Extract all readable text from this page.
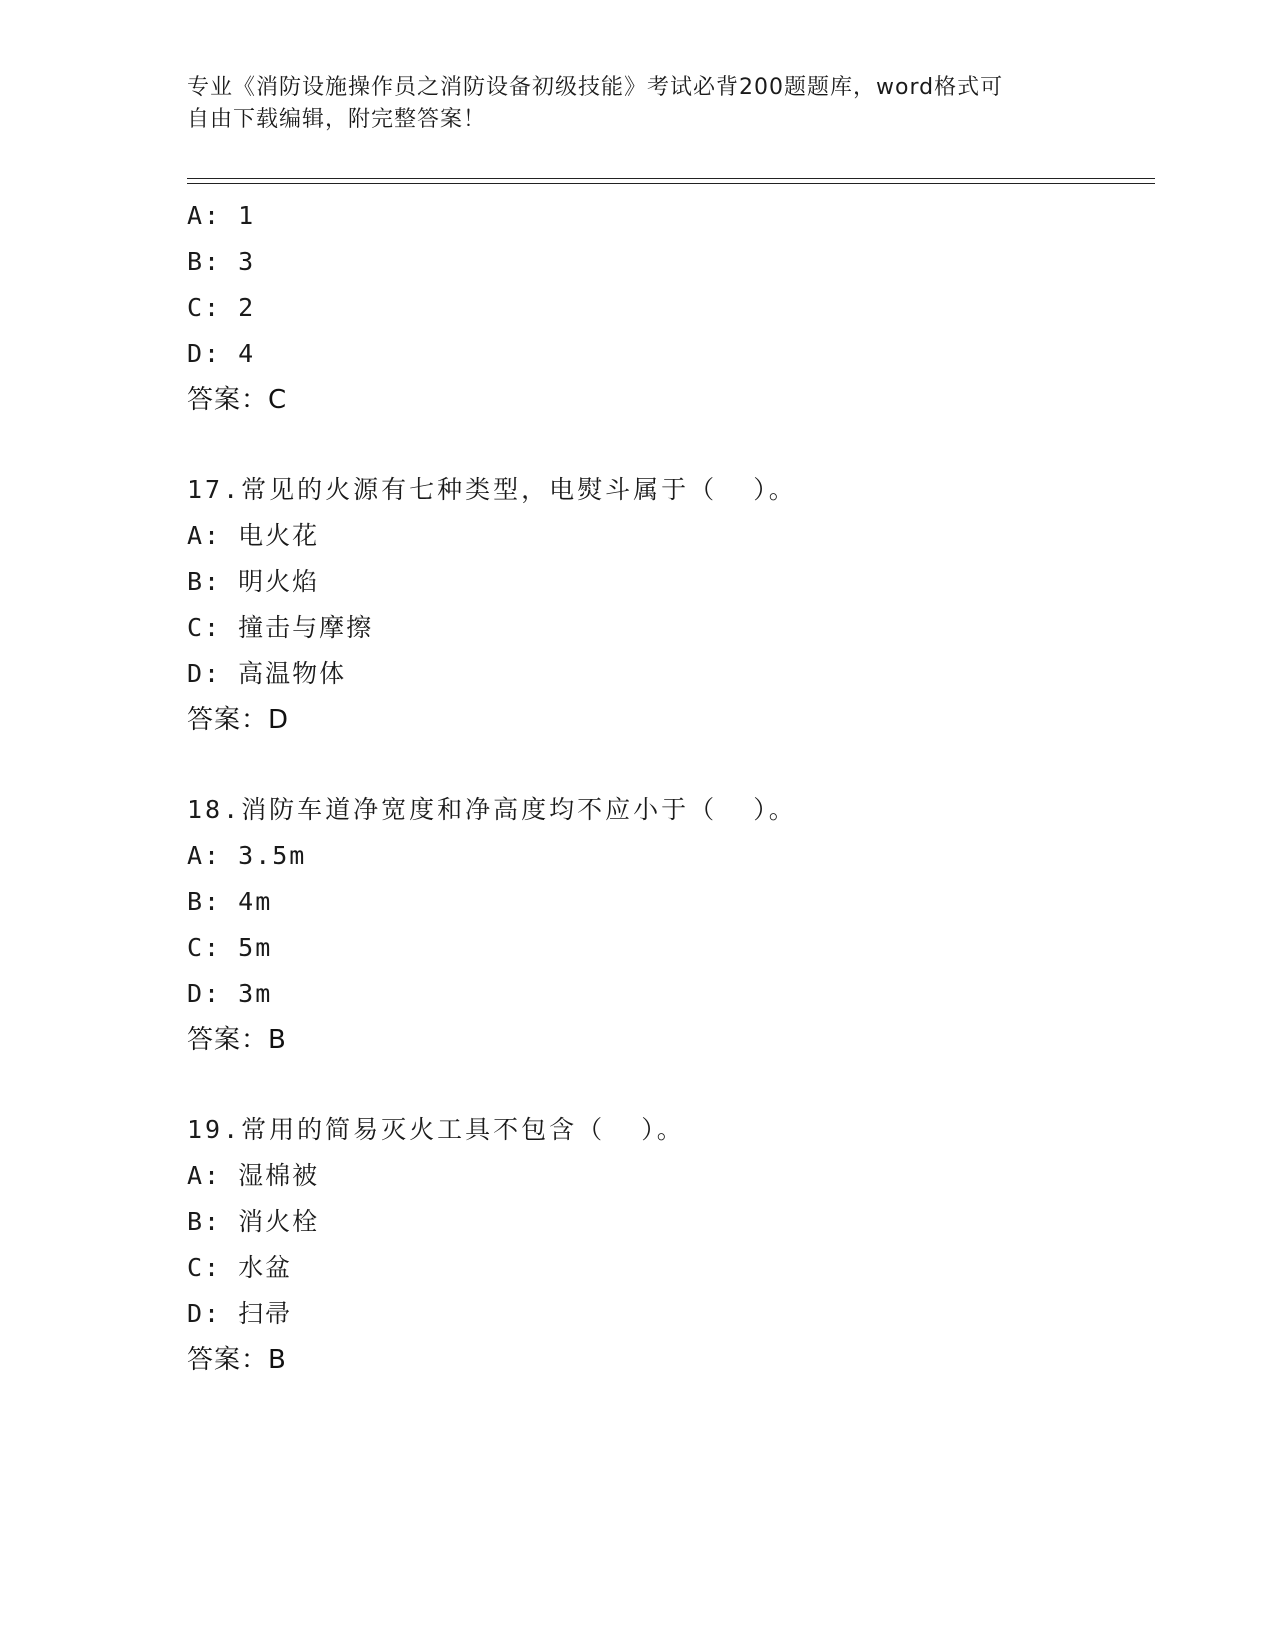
专业《消防设施操作员之消防设备初级技能》考试必背200题题库，word格式可
自由下载编辑，附完整答案！
A: 1
B: 3
C: 2
D: 4
答案：C
17.常见的火源有七种类型，电熨斗属于（  ）。
A: 电火花
B: 明火焰
C: 撞击与摩擦
D: 高温物体
答案：D
18.消防车道净宽度和净高度均不应小于（  ）。
A: 3.5m
B: 4m
C: 5m
D: 3m
答案：B
19.常用的简易灭火工具不包含（  ）。
A: 湿棉被
B: 消火栓
C: 水盆
D: 扫帚
答案：B
